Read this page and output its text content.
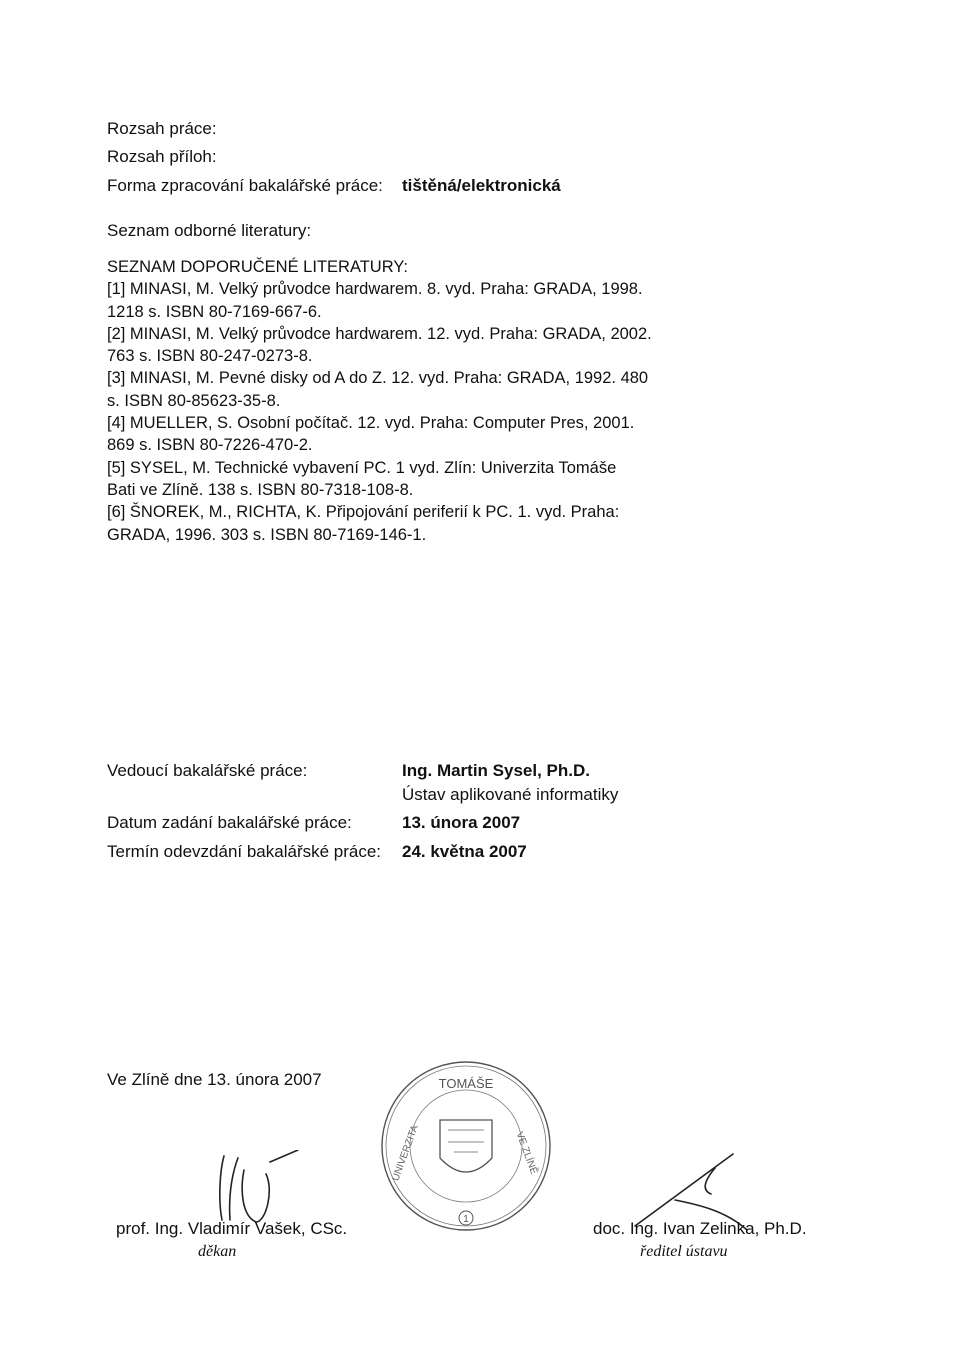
Rozsah práce:
Rozsah příloh:
Forma zpracování bakalářské práce: tištěná/elektronická
Seznam odborné literatury:
SEZNAM DOPORUČENÉ LITERATURY:
[1] MINASI, M. Velký průvodce hardwarem. 8. vyd. Praha: GRADA, 1998.
1218 s. ISBN 80-7169-667-6.
[2] MINASI, M. Velký průvodce hardwarem. 12. vyd. Praha: GRADA, 2002.
763 s. ISBN 80-247-0273-8.
[3] MINASI, M. Pevné disky od A do Z. 12. vyd. Praha: GRADA, 1992. 480
s. ISBN 80-85623-35-8.
[4] MUELLER, S. Osobní počítač. 12. vyd. Praha: Computer Pres, 2001.
869 s. ISBN 80-7226-470-2.
[5] SYSEL, M. Technické vybavení PC. 1 vyd. Zlín: Univerzita Tomáše
Bati ve Zlíně. 138 s. ISBN 80-7318-108-8.
[6] ŠNOREK, M., RICHTA, K. Připojování periferií k PC. 1. vyd. Praha:
GRADA, 1996. 303 s. ISBN 80-7169-146-1.
Vedoucí bakalářské práce:	Ing. Martin Sysel, Ph.D.
Ústav aplikované informatiky
Datum zadání bakalářské práce:	13. února 2007
Termín odevzdání bakalářské práce: 24. května 2007
Ve Zlíně dne 13. února 2007	TOMÁŠE
UNIVERZITA	VE ZLÍNĚ
1
prof. Ing. Vladimír Vašek, CSc.
děkan
doc. Ing. Ivan Zelinka, Ph.D.
ředitel ústavu
